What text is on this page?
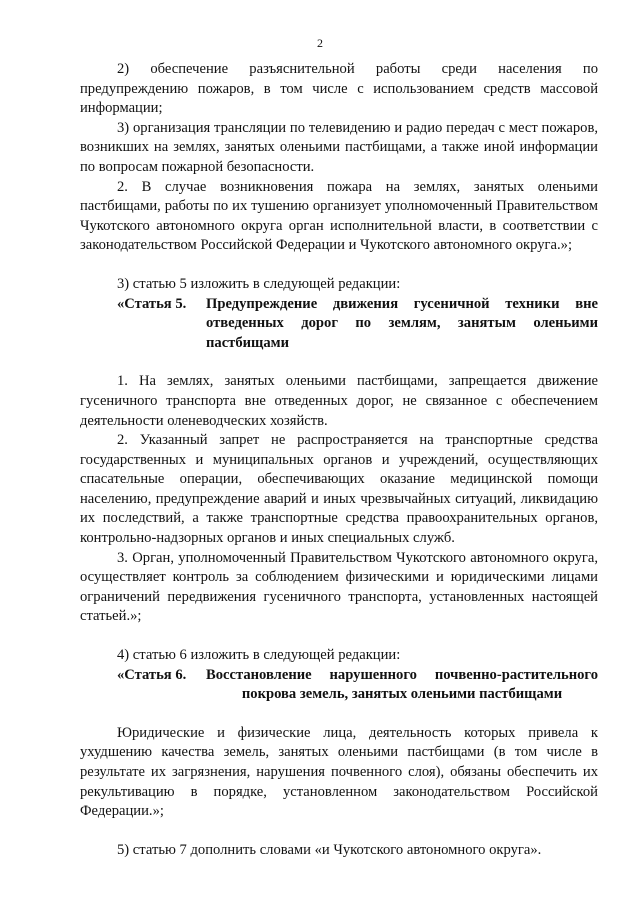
2

2) обеспечение разъяснительной работы среди населения по предупреждению пожаров, в том числе с использованием средств массовой информации;

3) организация трансляции по телевидению и радио передач с мест пожаров, возникших на землях, занятых оленьими пастбищами, а также иной информации по вопросам пожарной безопасности.

2. В случае возникновения пожара на землях, занятых оленьими пастбищами, работы по их тушению организует уполномоченный Правительством Чукотского автономного округа орган исполнительной власти, в соответствии с законодательством Российской Федерации и Чукотского автономного округа.»;

3) статью 5 изложить в следующей редакции:

«Статья 5.	Предупреждение движения гусеничной техники вне отведенных дорог по землям, занятым оленьими пастбищами

1. На землях, занятых оленьими пастбищами, запрещается движение гусеничного транспорта вне отведенных дорог, не связанное с обеспечением деятельности оленеводческих хозяйств.

2. Указанный запрет не распространяется на транспортные средства государственных и муниципальных органов и учреждений, осуществляющих спасательные операции, обеспечивающих оказание медицинской помощи населению, предупреждение аварий и иных чрезвычайных ситуаций, ликвидацию их последствий, а также транспортные средства правоохранительных органов, контрольно-надзорных органов и иных специальных служб.

3. Орган, уполномоченный Правительством Чукотского автономного округа, осуществляет контроль за соблюдением физическими и юридическими лицами ограничений передвижения гусеничного транспорта, установленных настоящей статьей.»;

4) статью 6 изложить в следующей редакции:

«Статья 6.	Восстановление нарушенного почвенно-растительного покрова земель, занятых оленьими пастбищами

Юридические и физические лица, деятельность которых привела к ухудшению качества земель, занятых оленьими пастбищами (в том числе в результате их загрязнения, нарушения почвенного слоя), обязаны обеспечить их рекультивацию в порядке, установленном законодательством Российской Федерации.»;

5) статью 7 дополнить словами «и Чукотского автономного округа».
